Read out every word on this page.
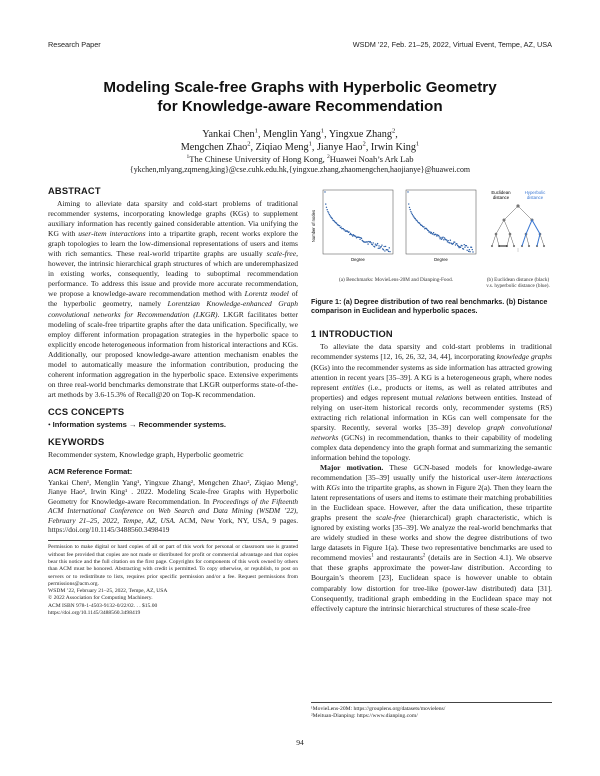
Research Paper	WSDM ’22, Feb. 21–25, 2022, Virtual Event, Tempe, AZ, USA
Modeling Scale-free Graphs with Hyperbolic Geometry
for Knowledge-aware Recommendation
Yankai Chen$^1$, Menglin Yang$^1$, Yingxue Zhang$^2$,
Mengchen Zhao$^2$, Ziqiao Meng$^1$, Jianye Hao$^2$, Irwin King$^1$
$^1$The Chinese University of Hong Kong, $^2$Huawei Noah’s Ark Lab
{ykchen,mlyang,zqmeng,king}@cse.cuhk.edu.hk,{yingxue.zhang,zhaomengchen,haojianye}@huawei.com
ABSTRACT

Aiming to alleviate data sparsity and cold-start problems of traditional recommender systems, incorporating knowledge graphs (KGs) to supplement auxiliary information has recently gained considerable attention. Via unifying the KG with user-item interactions into a tripartite graph, recent works explore the graph topologies to learn the low-dimensional representations of users and items with rich semantics. These real-world tripartite graphs are usually scale-free, however, the intrinsic hierarchical graph structures of which are underemphasized in existing works, consequently, leading to suboptimal recommendation performance. To address this issue and provide more accurate recommendation, we propose a knowledge-aware recommendation method with Lorentz model of the hyperbolic geometry, namely Lorentzian Knowledge-enhanced Graph convolutional networks for Recommendation (LKGR). LKGR facilitates better modeling of scale-free tripartite graphs after the data unification. Specifically, we employ different information propagation strategies in the hyperbolic space to explicitly encode heterogeneous information from historical interactions and KGs. Additionally, our proposed knowledge-aware attention mechanism enables the model to automatically measure the information contribution, producing the coherent information aggregation in the hyperbolic space. Extensive experiments on three real-world benchmarks demonstrate that LKGR outperforms state-of-the-art methods by 3.6-15.3% of Recall@20 on Top-K recommendation.

CCS CONCEPTS

• Information systems → Recommender systems.

KEYWORDS

Recommender system, Knowledge graph, Hyperbolic geometric

ACM Reference Format:

Yankai Chen¹, Menglin Yang¹, Yingxue Zhang², Mengchen Zhao², Ziqiao Meng¹, Jianye Hao², Irwin King¹ . 2022. Modeling Scale-free Graphs with Hyperbolic Geometry for Knowledge-aware Recommendation. In Proceedings of the Fifteenth ACM International Conference on Web Search and Data Mining (WSDM ’22), February 21–25, 2022, Tempe, AZ, USA. ACM, New York, NY, USA, 9 pages. https://doi.org/10.1145/3488560.3498419

Permission to make digital or hard copies of all or part of this work for personal or classroom use is granted without fee provided that copies are not made or distributed for profit or commercial advantage and that copies bear this notice and the full citation on the first page. Copyrights for components of this work owned by others than ACM must be honored. Abstracting with credit is permitted. To copy otherwise, or republish, to post on servers or to redistribute to lists, requires prior specific permission and/or a fee. Request permissions from permissions@acm.org.

WSDM ’22, February 21–25, 2022, Tempe, AZ, USA

© 2022 Association for Computing Machinery.

ACM ISBN 978-1-4503-9132-0/22/02. . . $15.00

https://doi.org/10.1145/3488560.3498419

Number of nodes
Degree	Degree
(a) Benchmarks: MovieLens-20M and Dianping-Food.
Euclidean
distance
Hyperbolic
distance
(b) Euclidean distance (black) v.s. hyperbolic distance (blue).
Figure 1: (a) Degree distribution of two real benchmarks. (b) Distance comparison in Euclidean and hyperbolic spaces.
1 INTRODUCTION

To alleviate the data sparsity and cold-start problems in traditional recommender systems [12, 16, 26, 32, 34, 44], incorporating knowledge graphs (KGs) into the recommender systems as side information has attracted growing attention in recent years [35–39]. A KG is a heterogeneous graph, where nodes represent entities (i.e., products or items, as well as related attributes and properties) and edges represent mutual relations between entities. Instead of relying on user-item historical records only, recommender systems (RS) extracting rich relational information in KGs can well compensate for the sparsity. Recently, several works [35–39] develop graph convolutional networks (GCNs) in recommendation, thanks to their capability of modeling complex data dependency into the graph format and summarizing the semantic information behind the topology.

Major motivation. These GCN-based models for knowledge-aware recommendation [35–39] usually unify the historical user-item interactions with KGs into the tripartite graphs, as shown in Figure 2(a). Then they learn the latent representations of users and items to estimate their matching probabilities in the Euclidean space. However, after the data unification, these tripartite graphs present the scale-free (hierarchical) graph characteristic, which is ignored by existing works [35–39]. We analyze the real-world benchmarks that are widely studied in these works and show the degree distributions of two large datasets in Figure 1(a). These two representative benchmarks are used to recommend movies$^1$ and restaurants$^2$ (details are in Section 4.1). We observe that these graphs approximate the power-law distribution. According to Bourgain’s theorem [23], Euclidean space is however unable to obtain comparably low distortion for tree-like (power-law distributed) data [31]. Consequently, traditional graph embedding in the Euclidean space may not effectively capture the intrinsic hierarchical structures of these scale-free

¹MovieLens-20M: https://grouplens.org/datasets/movielens/

²Meituan-Dianping: https://www.dianping.com/

94
